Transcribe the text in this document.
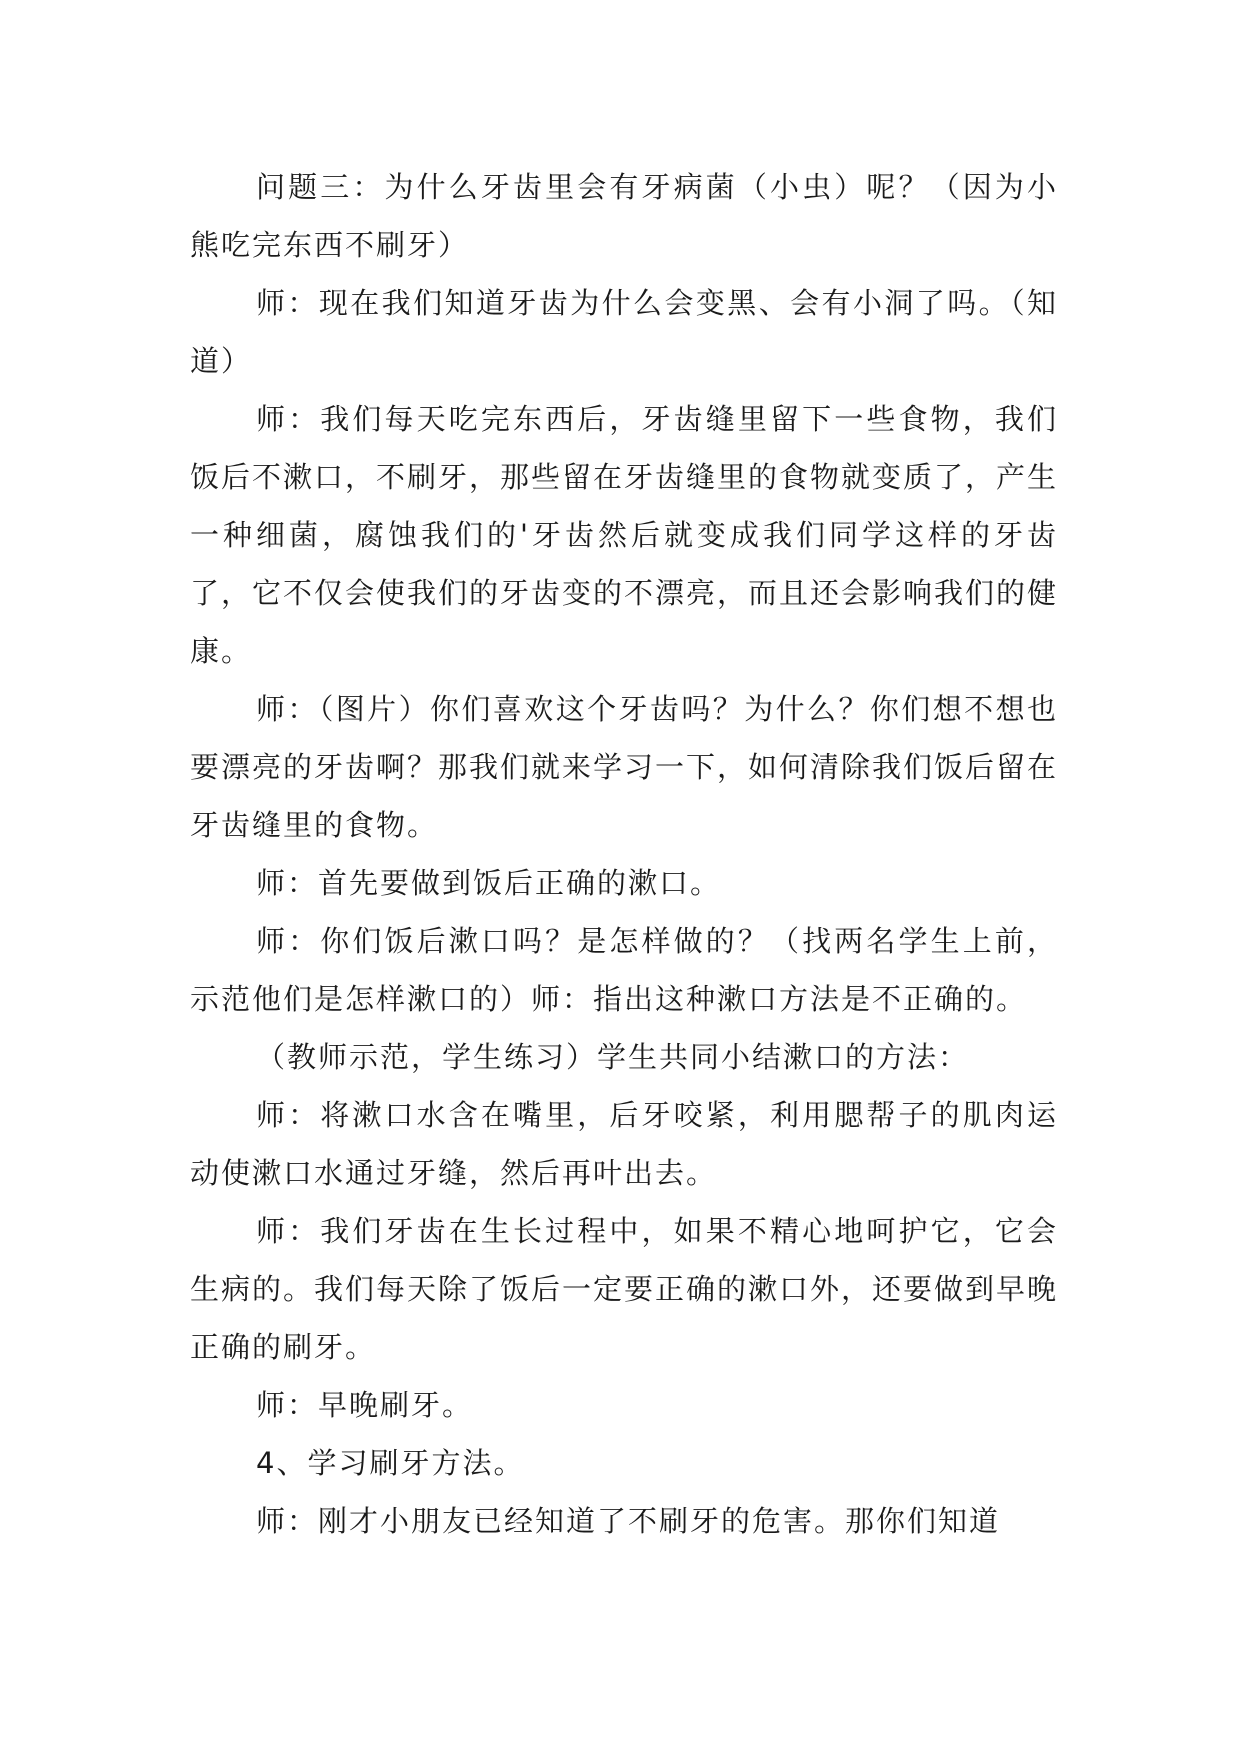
问题三：为什么牙齿里会有牙病菌（小虫）呢？（因为小熊吃完东西不刷牙）

师：现在我们知道牙齿为什么会变黑、会有小洞了吗。（知道）

师：我们每天吃完东西后，牙齿缝里留下一些食物，我们饭后不漱口，不刷牙，那些留在牙齿缝里的食物就变质了，产生一种细菌，腐蚀我们的'牙齿然后就变成我们同学这样的牙齿了，它不仅会使我们的牙齿变的不漂亮，而且还会影响我们的健康。

师：（图片）你们喜欢这个牙齿吗？为什么？你们想不想也要漂亮的牙齿啊？那我们就来学习一下，如何清除我们饭后留在牙齿缝里的食物。

师：首先要做到饭后正确的漱口。

师：你们饭后漱口吗？是怎样做的？（找两名学生上前，示范他们是怎样漱口的）师：指出这种漱口方法是不正确的。

（教师示范，学生练习）学生共同小结漱口的方法：

师：将漱口水含在嘴里，后牙咬紧，利用腮帮子的肌肉运动使漱口水通过牙缝，然后再叶出去。

师：我们牙齿在生长过程中，如果不精心地呵护它，它会生病的。我们每天除了饭后一定要正确的漱口外，还要做到早晚正确的刷牙。

师：早晚刷牙。

4、学习刷牙方法。

师：刚才小朋友已经知道了不刷牙的危害。那你们知道
